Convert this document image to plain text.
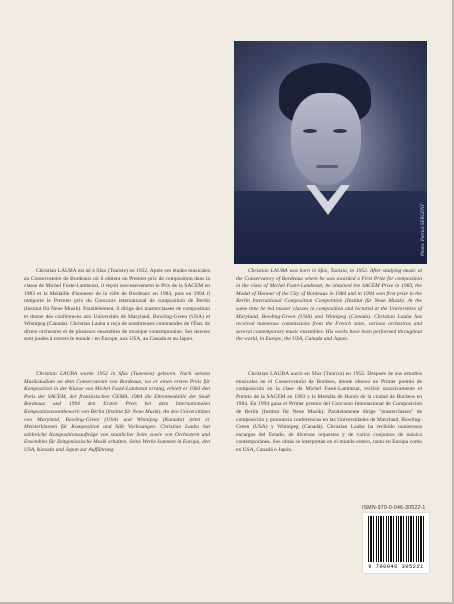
Christian LAUBA est né à Sfax (Tunisie) en 1952. Après ses études musicales au Conservatoire de Bordeaux où il obtient un Premier prix de composition dans la classe de Michel Fusté-Lambezat, il reçoit successivement le Prix de la SACEM en 1983 et la Médaille d'honneur de la ville de Bordeaux en 1984, puis en 1994 il remporte le Premier prix du Concours international de composition de Berlin (Institut für Neue Musik). Parallèlement, il dirige des masterclasses de composition et donne des conférences aux Universités de Maryland, Bowling-Green (USA) et Winnipeg (Canada). Christian Lauba a reçu de nombreuses commandes de l'État, de divers orchestres et de plusieurs ensembles de musique contemporaine. Ses œuvres sont jouées à travers le monde : en Europe, aux USA, au Canada et au Japon.

Christian LAUBA was born in Sfax, Tunisia, in 1952. After studying music at the Conservatory of Bordeaux where he was awarded a First Prize for composition in the class of Michel Fusté-Lambezat, he obtained the SACEM Prize in 1983, the Medal of Honour of the City of Bordeaux in 1984 and in 1994 won first prize in the Berlin International Composition Competition (Institut für Neue Musik). At the same time he led master classes in composition and lectured at the Universities of Maryland, Bowling-Green (USA) and Winnipeg (Canada). Christian Lauba has received numerous commissions from the French state, various orchestras and several contemporary music ensembles. His works have been performed throughout the world, in Europe, the USA, Canada and Japan.

Christian LAUBA wurde 1952 in Sfax (Tunesien) geboren. Nach seinem Musikstudium an dem Conservatoire von Bordeaux, wo er einen ersten Preis für Komposition in der Klasse von Michel Fusté-Lambezat errang, erhielt er 1983 den Preis der SACEM, der französischen GEMA, 1984 die Ehrenmedaille der Stadt Bordeaux und 1994 den Ersten Preis bei dem Internationalen Kompositionswettbewerb von Berlin (Institut für Neue Musik). An den Universitäten von Maryland, Bowling-Green (USA) und Winnipeg (Kanada) leitet er Meisterklassen für Komposition und hält Vorlesungen. Christian Lauba hat zahlreiche Kompositionsaufträge von staatlicher Seite sowie von Orchestern und Ensembles für Zeitgenössische Musik erhalten. Seine Werke kommen in Europa, den USA, Kanada und Japan zur Aufführung.

Christian LAUBA nació en Sfax (Tunicia) en 1952. Después de sus estudios musicales en el Conservatorio de Burdeos, donde obtuvo un Primer premio de composición en la clase de Michel Fusté-Lambezat, recibió sucesivamente el Premio de la SACEM en 1983 y la Medalla de Honor de la ciudad de Burdeos en 1984. En 1994 gana el Primer premio del Concurso Internacional de Composición de Berlín (Institut für Neue Musik). Paralelamente dirige "masterclasses" de composición y pronuncia conferencias en las Universidades de Maryland, Bowling-Green (USA) y Winnipeg (Canadá). Christian Lauba ha recibido numerosos encargos del Estado, de diversas orquestas y de varios conjuntos de música contemporánea. Sus obras se interpretan en el mundo entero, tanto en Europa como en USA, Canadá o Japón.

ISMN-979-0-046-30522-1
9 790046 305221
